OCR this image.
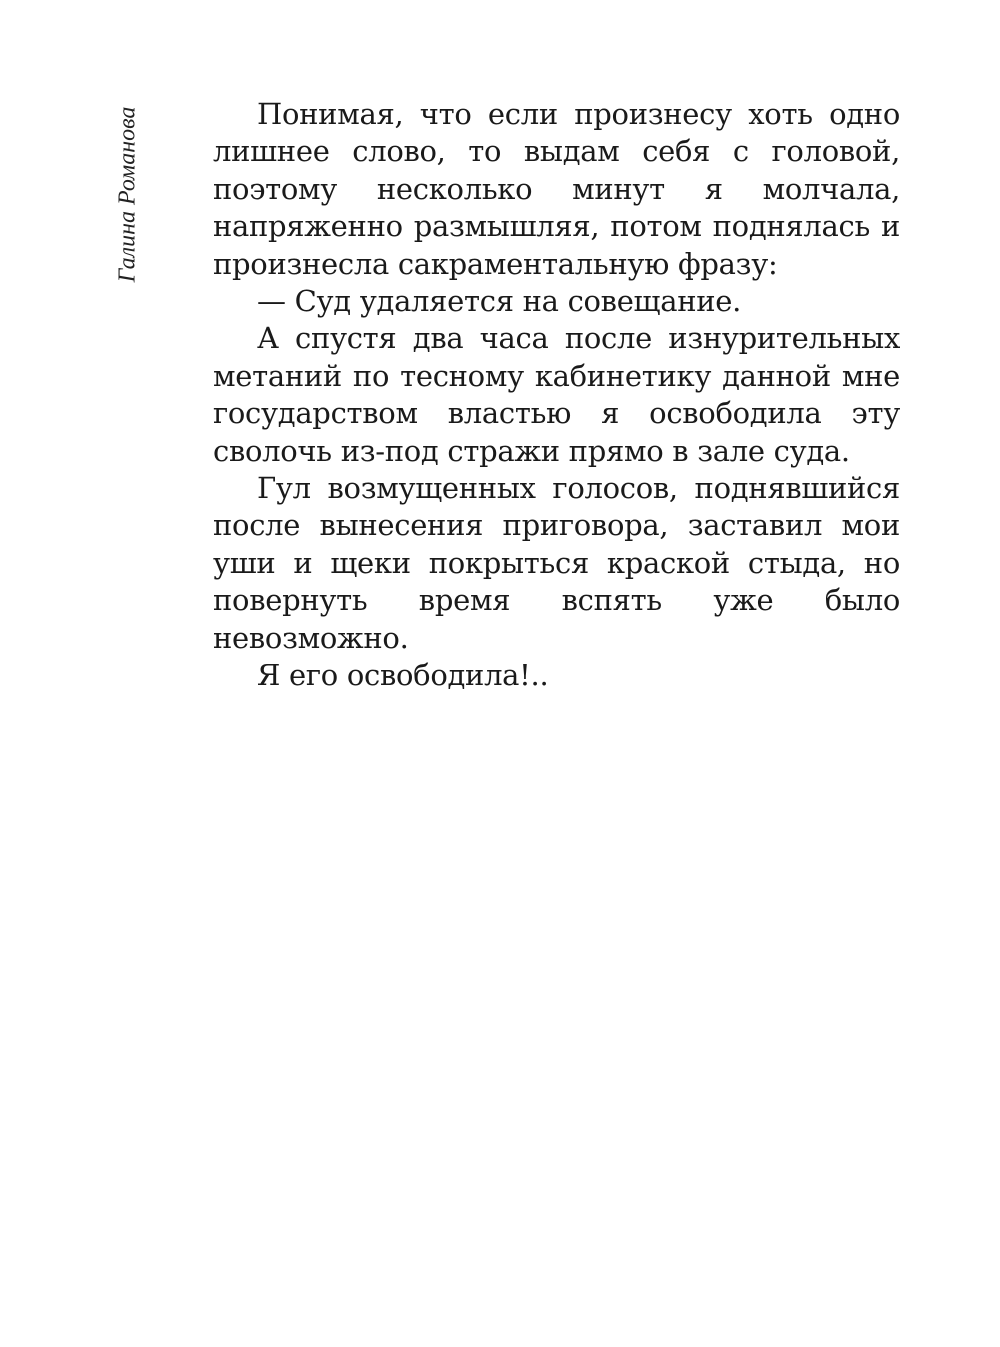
Галина Романова	Понимая, что если произнесу хоть одно лишнее слово, то выдам себя с головой, поэтому несколько минут я молчала, напряженно размышляя, потом поднялась и произнесла сакраментальную фразу:

— Суд удаляется на совещание.

А спустя два часа после изнурительных метаний по тесному кабинетику данной мне государством властью я освободила эту сволочь из-под стражи прямо в зале суда.

Гул возмущенных голосов, поднявшийся после вынесения приговора, заставил мои уши и щеки покрыться краской стыда, но повернуть время вспять уже было невозможно.

Я его освободила!..
